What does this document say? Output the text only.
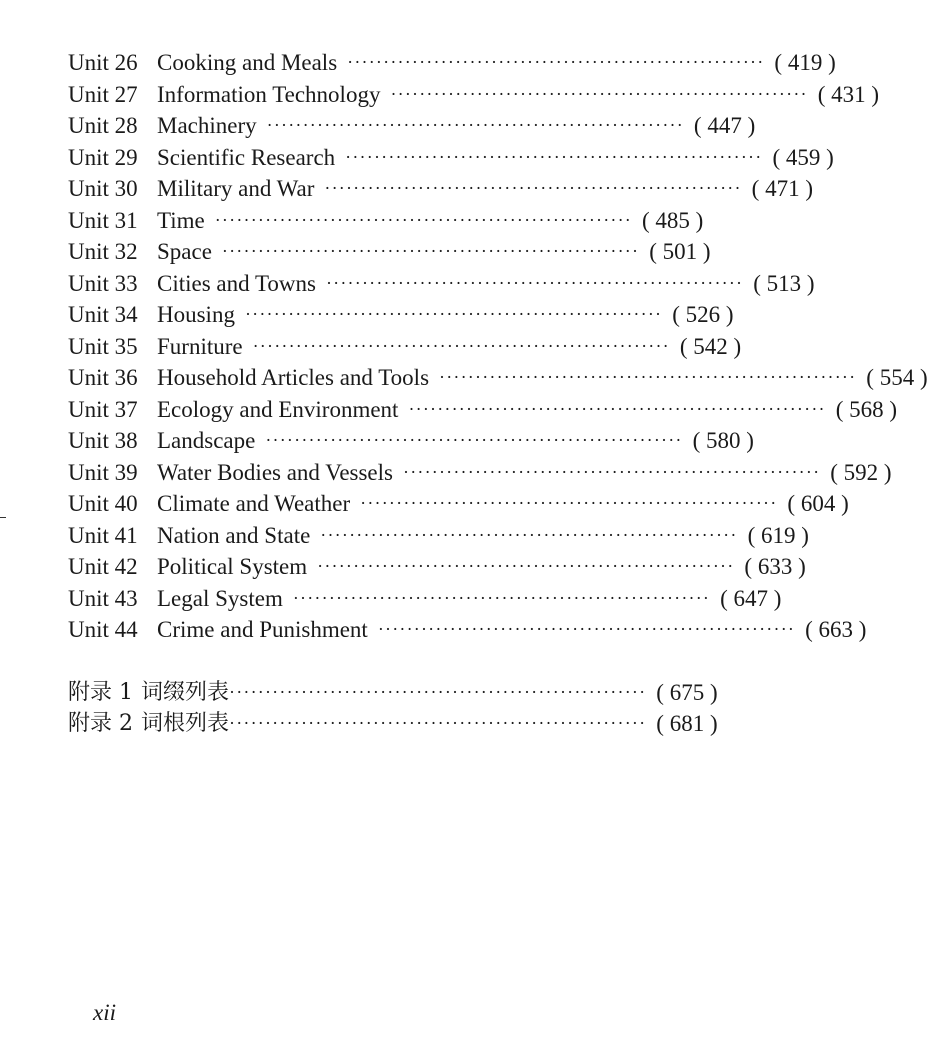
Unit 26 Cooking and Meals ·························································· ( 419 )
Unit 27 Information Technology ·························································· ( 431 )
Unit 28 Machinery ·························································· ( 447 )
Unit 29 Scientific Research ·························································· ( 459 )
Unit 30 Military and War ·························································· ( 471 )
Unit 31 Time ·························································· ( 485 )
Unit 32 Space ·························································· ( 501 )
Unit 33 Cities and Towns ·························································· ( 513 )
Unit 34 Housing ·························································· ( 526 )
Unit 35 Furniture ·························································· ( 542 )
Unit 36 Household Articles and Tools ·························································· ( 554 )
Unit 37 Ecology and Environment ·························································· ( 568 )
Unit 38 Landscape ·························································· ( 580 )
Unit 39 Water Bodies and Vessels ·························································· ( 592 )
Unit 40 Climate and Weather ·························································· ( 604 )
Unit 41 Nation and State ·························································· ( 619 )
Unit 42 Political System ·························································· ( 633 )
Unit 43 Legal System ·························································· ( 647 )
Unit 44 Crime and Punishment ·························································· ( 663 )
附录 1 词缀列表 ·························································· ( 675 )
附录 2 词根列表 ·························································· ( 681 )
xii
